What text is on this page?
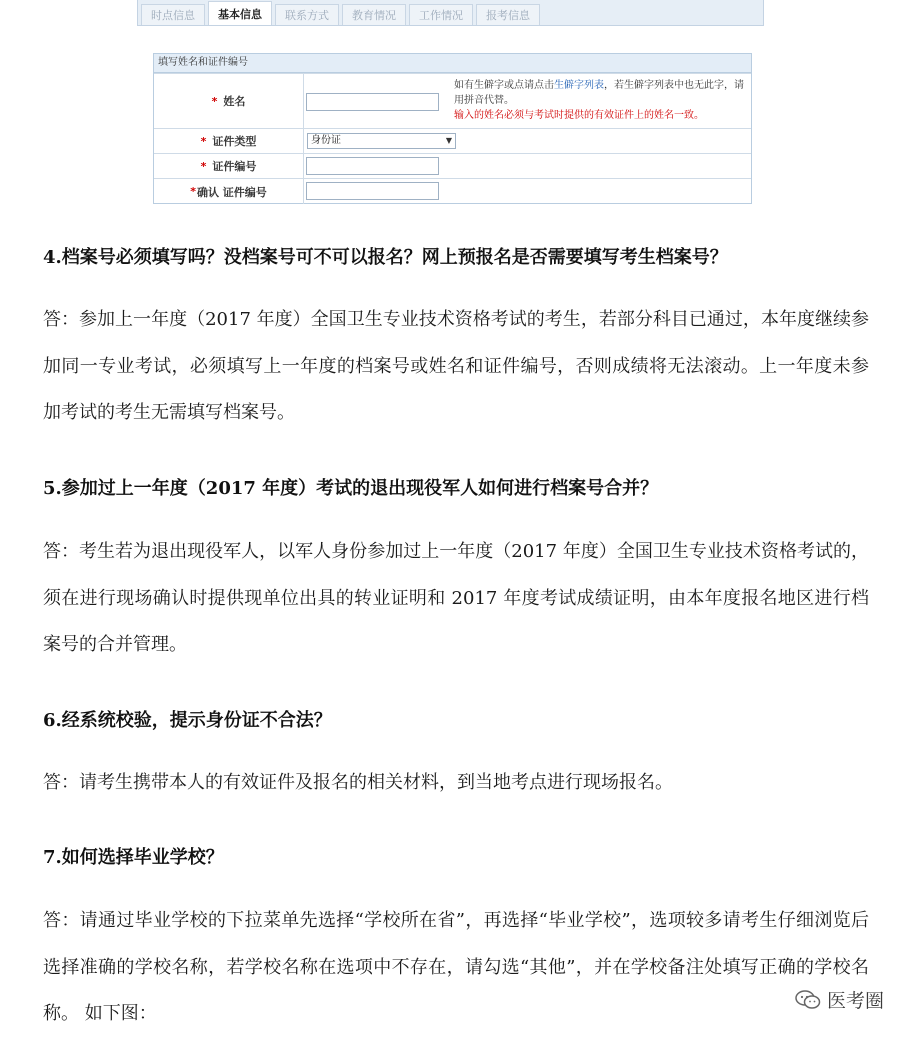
时点信息	基本信息	联系方式	教育情况	工作情况	报考信息
填写姓名和证件编号
* 姓名
如有生僻字或点请点击生僻字列表，若生僻字列表中也无此字，请用拼音代替。
输入的姓名必须与考试时提供的有效证件上的姓名一致。
* 证件类型	身份证	▼
* 证件编号
* 确认 证件编号

4.档案号必须填写吗？没档案号可不可以报名？网上预报名是否需要填写考生档案号？

答：参加上一年度（2017 年度）全国卫生专业技术资格考试的考生，若部分科目已通过，本年度继续参加同一专业考试，必须填写上一年度的档案号或姓名和证件编号，否则成绩将无法滚动。上一年度未参加考试的考生无需填写档案号。

5.参加过上一年度（2017 年度）考试的退出现役军人如何进行档案号合并？

答：考生若为退出现役军人，以军人身份参加过上一年度（2017 年度）全国卫生专业技术资格考试的，须在进行现场确认时提供现单位出具的转业证明和 2017 年度考试成绩证明，由本年度报名地区进行档案号的合并管理。

6.经系统校验，提示身份证不合法？

答：请考生携带本人的有效证件及报名的相关材料，到当地考点进行现场报名。

7.如何选择毕业学校？

答：请通过毕业学校的下拉菜单先选择“学校所在省”，再选择“毕业学校”，选项较多请考生仔细浏览后选择准确的学校名称，若学校名称在选项中不存在，请勾选“其他”，并在学校备注处填写正确的学校名称。 如下图：

医考圈
